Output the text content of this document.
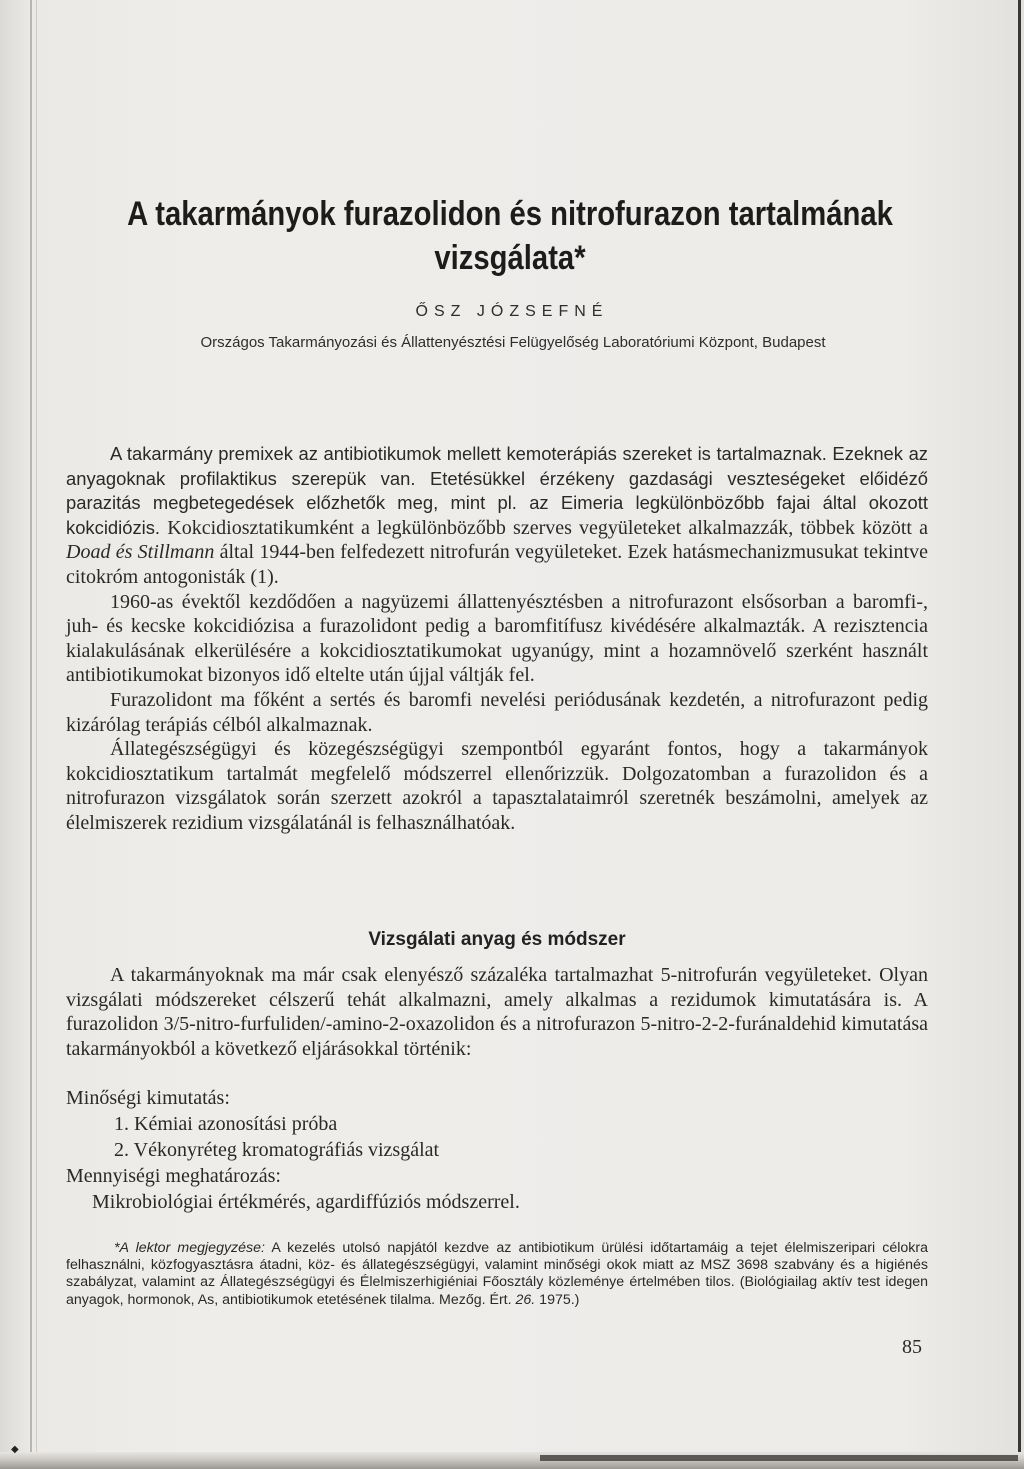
◆
A takarmányok furazolidon és nitrofurazon tartalmának vizsgálata*
ŐSZ JÓZSEFNÉ
Országos Takarmányozási és Állattenyésztési Felügyelőség Laboratóriumi Központ, Budapest

A takarmány premixek az antibiotikumok mellett kemoterápiás szereket is tartalmaznak. Ezeknek az anyagoknak profilaktikus szerepük van. Etetésükkel érzékeny gazdasági veszteségeket előidéző parazitás megbetegedések előzhetők meg, mint pl. az Eimeria legkülönbözőbb fajai által okozott kokcidiózis. Kokcidiosztatikumként a legkülönbözőbb szerves vegyületeket alkalmazzák, többek között a Doad és Stillmann által 1944-ben felfedezett nitrofurán vegyületeket. Ezek hatásmechanizmusukat tekintve citokróm antogonisták (1).

1960-as évektől kezdődően a nagyüzemi állattenyésztésben a nitrofurazont elsősorban a baromfi-, juh- és kecske kokcidiózisa a furazolidont pedig a baromfitífusz kivédésére alkalmazták. A rezisztencia kialakulásának elkerülésére a kokcidiosztatikumokat ugyanúgy, mint a hozamnövelő szerként használt antibiotikumokat bizonyos idő eltelte után újjal váltják fel.

Furazolidont ma főként a sertés és baromfi nevelési periódusának kezdetén, a nitrofurazont pedig kizárólag terápiás célból alkalmaznak.

Állategészségügyi és közegészségügyi szempontból egyaránt fontos, hogy a takarmányok kokcidiosztatikum tartalmát megfelelő módszerrel ellenőrizzük. Dolgozatomban a furazolidon és a nitrofurazon vizsgálatok során szerzett azokról a tapasztalataimról szeretnék beszámolni, amelyek az élelmiszerek rezidium vizsgálatánál is felhasználhatóak.

Vizsgálati anyag és módszer

A takarmányoknak ma már csak elenyésző százaléka tartalmazhat 5-nitrofurán vegyületeket. Olyan vizsgálati módszereket célszerű tehát alkalmazni, amely alkalmas a rezidumok kimutatására is. A furazolidon 3/5-nitro-furfuliden/-amino-2-oxazolidon és a nitrofurazon 5-nitro-2-2-furánaldehid kimutatása takarmányokból a következő eljárásokkal történik:

Minőségi kimutatás:
1. Kémiai azonosítási próba
2. Vékonyréteg kromatográfiás vizsgálat
Mennyiségi meghatározás:
Mikrobiológiai értékmérés, agardiffúziós módszerrel.

*A lektor megjegyzése: A kezelés utolsó napjától kezdve az antibiotikum ürülési időtartamáig a tejet élelmiszeripari célokra felhasználni, közfogyasztásra átadni, köz- és állategészségügyi, valamint minőségi okok miatt az MSZ 3698 szabvány és a higiénés szabályzat, valamint az Állategészségügyi és Élelmiszerhigiéniai Főosztály közleménye értelmében tilos. (Biológiailag aktív test idegen anyagok, hormonok, As, antibiotikumok etetésének tilalma. Mezőg. Ért. 26. 1975.)

85
